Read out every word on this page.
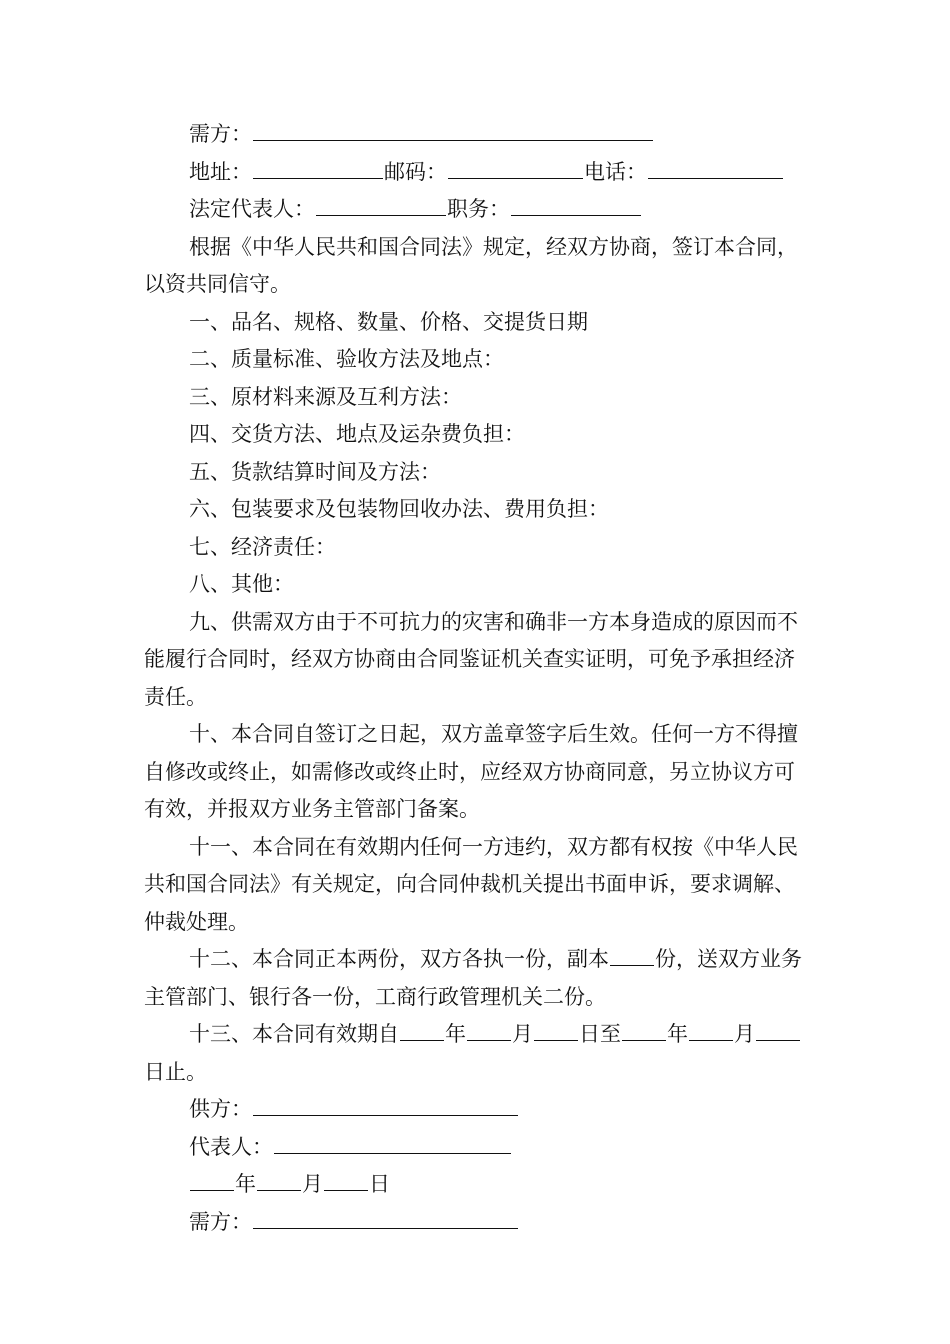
需方：
地址：	邮码：	电话：
法定代表人：	职务：
根据《中华人民共和国合同法》规定，经双方协商，签订本合同，以资共同信守。
一、品名、规格、数量、价格、交提货日期
二、质量标准、验收方法及地点：
三、原材料来源及互利方法：
四、交货方法、地点及运杂费负担：
五、货款结算时间及方法：
六、包装要求及包装物回收办法、费用负担：
七、经济责任：
八、其他：
九、供需双方由于不可抗力的灾害和确非一方本身造成的原因而不能履行合同时，经双方协商由合同鉴证机关查实证明，可免予承担经济责任。
十、本合同自签订之日起，双方盖章签字后生效。任何一方不得擅自修改或终止，如需修改或终止时，应经双方协商同意，另立协议方可有效，并报双方业务主管部门备案。
十一、本合同在有效期内任何一方违约，双方都有权按《中华人民共和国合同法》有关规定，向合同仲裁机关提出书面申诉，要求调解、仲裁处理。
十二、本合同正本两份，双方各执一份，副本 份，送双方业务主管部门、银行各一份，工商行政管理机关二份。
十三、本合同有效期自 年 月 日至 年 月日止。
供方：
代表人：
年 月 日
需方：
